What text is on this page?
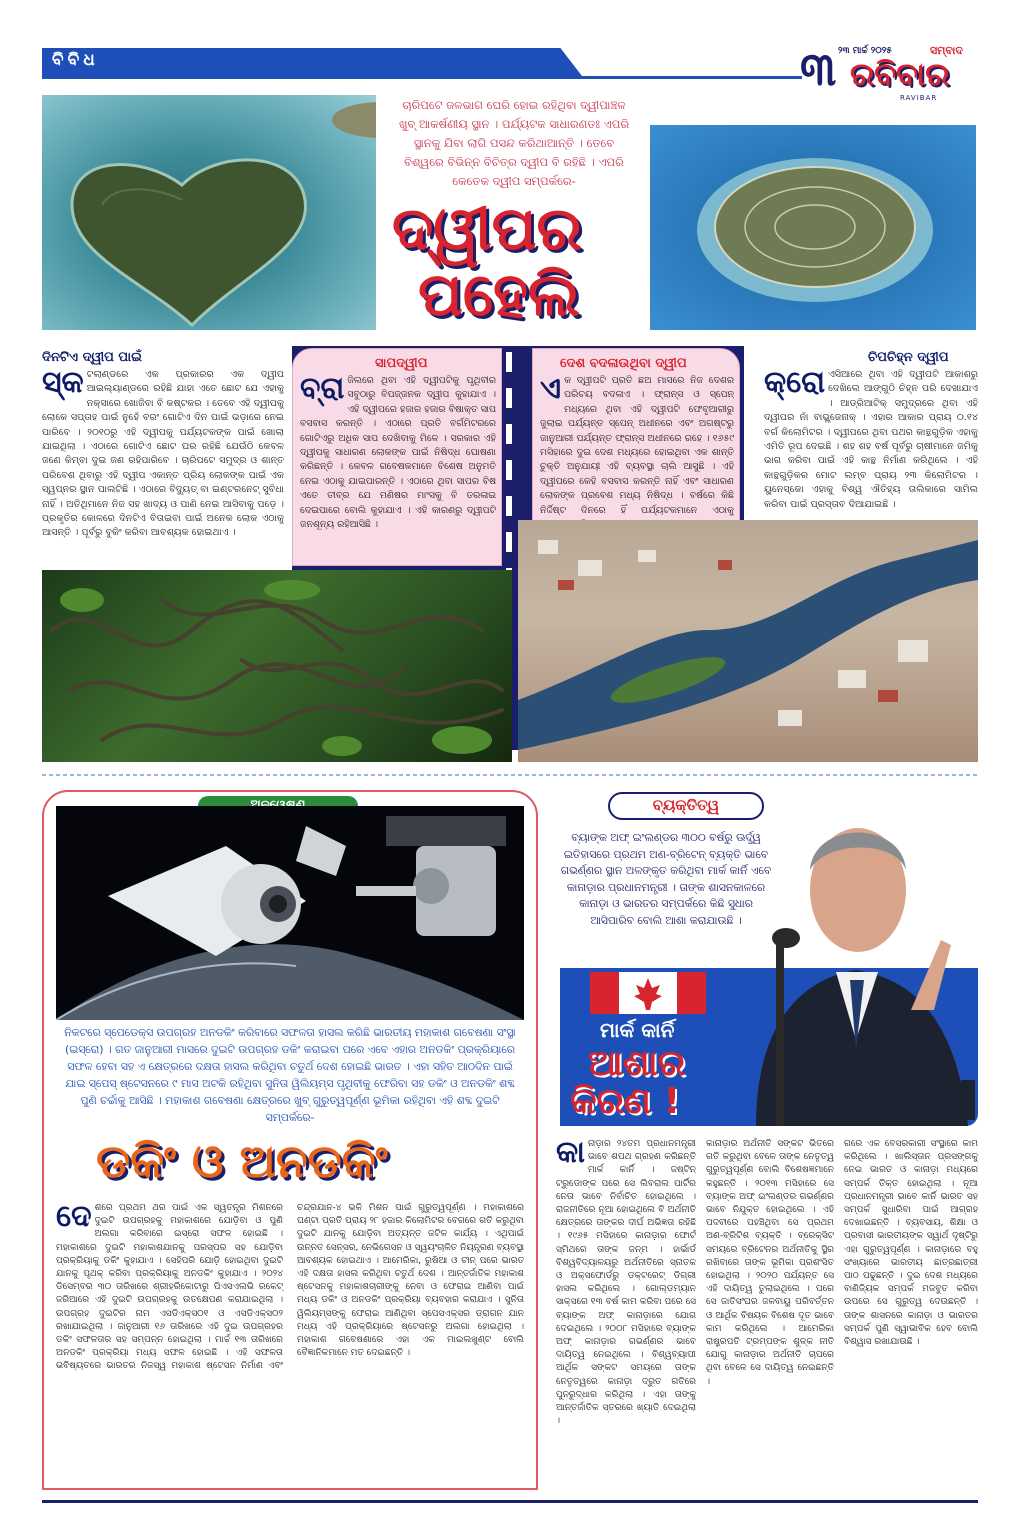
ବିବିଧ	୩ ୨୩ ମାର୍ଚ୍ଚ ୨୦୨୫	ସମ୍ବାଦ
ରବିବାର
RAVIBAR
ଚାରିପଟେ ଜଳଭାଗ ଘେରି ହୋଇ ରହିଥିବା ଦ୍ୱୀପାଞ୍ଚଳ ଖୁବ୍ ଆକର୍ଷଣୀୟ ସ୍ଥାନ । ପର୍ଯ୍ୟଟକ ସାଧାରଣତଃ ଏପରି ସ୍ଥାନକୁ ଯିବା ଲାଗି ପସନ୍ଦ କରିଥାଆନ୍ତି । ତେବେ ବିଶ୍ୱରେ ବିଭିନ୍ନ ବିଚିତ୍ର ଦ୍ୱୀପ ବି ରହିଛି । ଏପରି କେତେକ ଦ୍ୱୀପ ସମ୍ପର୍କରେ-
ଦ୍ୱୀପର
ପହେଲି
ଦିନଟିଏ ଦ୍ୱୀପ ପାଇଁ
ସ୍କ ଟଲାଣ୍ଡରେ ଏକ ପ୍ରକାରର ଏକ ଦ୍ୱୀପ ଆଇଲ୍ୟାଣ୍ଡରେ ରହିଛି ଯାହା ଏତେ ଛୋଟ ଯେ ଏହାକୁ ନକ୍ସାରେ ଖୋଜିବା ବି କଷ୍ଟକର । ତେବେ ଏହି ଦ୍ୱୀପକୁ ଲୋକେ ସପ୍ତାହ ପାଇଁ ନୁହେଁ ବରଂ ଗୋଟିଏ ଦିନ ପାଇଁ ଭଡ଼ାରେ ନେଇ ପାରିବେ । ୨୦୧ଠରୁ ଏହି ଦ୍ୱୀପକୁ ପର୍ଯ୍ୟଟକଙ୍କ ପାଇଁ ଖୋଲା ଯାଇଥିଲା । ଏଠାରେ ଗୋଟିଏ ଛୋଟ ଘର ରହିଛି ଯେଉଁଠି କେବଳ ଜଣେ କିମ୍ବା ଦୁଇ ଜଣ ରହିପାରିବେ । ଚାରିପଟେ ସମୁଦ୍ର ଓ ଶାନ୍ତ ପରିବେଶ ଥିବାରୁ ଏହି ଦ୍ୱୀପ ଏକାନ୍ତ ପ୍ରିୟ ଲୋକଙ୍କ ପାଇଁ ଏକ ସ୍ୱପ୍ନର ସ୍ଥାନ ପାଲଟିଛି । ଏଠାରେ ବିଦ୍ୟୁତ୍ ବା ଇଣ୍ଟରନେଟ୍ ସୁବିଧା ନାହିଁ । ଅତିଥିମାନେ ନିଜ ସହ ଖାଦ୍ୟ ଓ ପାଣି ନେଇ ଆସିବାକୁ ପଡ଼େ । ପ୍ରକୃତିର କୋଳରେ ଦିନଟିଏ ବିତାଇବା ପାଇଁ ଅନେକ ଲୋକ ଏଠାକୁ ଆସନ୍ତି । ପୂର୍ବରୁ ବୁକିଂ କରିବା ଆବଶ୍ୟକ ହୋଇଥାଏ ।
ସାପଦ୍ୱୀପ
ବ୍ରା ଜିଲରେ ଥିବା ଏହି ଦ୍ୱୀପଟିକୁ ପୃଥିବୀର ସବୁଠାରୁ ବିପଜ୍ଜନକ ଦ୍ୱୀପ କୁହାଯାଏ । ଏହି ଦ୍ୱୀପରେ ହଜାର ହଜାର ବିଷାକ୍ତ ସାପ ବସବାସ କରନ୍ତି । ଏଠାରେ ପ୍ରତି ବର୍ଗମିଟରରେ ଗୋଟିଏରୁ ଅଧିକ ସାପ ଦେଖିବାକୁ ମିଳେ । ସରକାର ଏହି ଦ୍ୱୀପକୁ ସାଧାରଣ ଲୋକଙ୍କ ପାଇଁ ନିଷିଦ୍ଧ ଘୋଷଣା କରିଛନ୍ତି । କେବଳ ଗବେଷକମାନେ ବିଶେଷ ଅନୁମତି ନେଇ ଏଠାକୁ ଯାଇପାରନ୍ତି । ଏଠାରେ ଥିବା ସାପର ବିଷ ଏତେ ତୀବ୍ର ଯେ ମଣିଷର ମାଂସକୁ ବି ତରଳାଇ ଦେଇପାରେ ବୋଲି କୁହାଯାଏ । ଏହି କାରଣରୁ ଦ୍ୱୀପଟି ଜନଶୂନ୍ୟ ରହିଆସିଛି ।
ଦେଶ ବଦଳାଉଥିବା ଦ୍ୱୀପ
ଏକ ଦ୍ୱୀପଟି ପ୍ରତି ଛଅ ମାସରେ ନିଜ ଦେଶର ପରିଚୟ ବଦଳାଏ । ଫ୍ରାନ୍ସ ଓ ସ୍ପେନ୍ ମଧ୍ୟରେ ଥିବା ଏହି ଦ୍ୱୀପଟି ଫେବୃଆରୀରୁ ଜୁଲାଇ ପର୍ଯ୍ୟନ୍ତ ସ୍ପେନ୍ ଅଧୀନରେ ଏବଂ ଅଗଷ୍ଟରୁ ଜାନୁଆରୀ ପର୍ଯ୍ୟନ୍ତ ଫ୍ରାନ୍ସ ଅଧୀନରେ ରହେ । ୧୬୫୯ ମସିହାରେ ଦୁଇ ଦେଶ ମଧ୍ୟରେ ହୋଇଥିବା ଏକ ଶାନ୍ତି ଚୁକ୍ତି ଅନୁଯାୟୀ ଏହି ବ୍ୟବସ୍ଥା ଚାଲି ଆସୁଛି । ଏହି ଦ୍ୱୀପରେ କେହି ବସବାସ କରନ୍ତି ନାହିଁ ଏବଂ ସାଧାରଣ ଲୋକଙ୍କ ପ୍ରବେଶ ମଧ୍ୟ ନିଷିଦ୍ଧ । ବର୍ଷରେ କିଛି ନିର୍ଦ୍ଦିଷ୍ଟ ଦିନରେ ହିଁ ପର୍ଯ୍ୟଟକମାନେ ଏଠାକୁ
ଚିପଚିହ୍ନ ଦ୍ୱୀପ
କ୍ରୋ ଏସିଆରେ ଥିବା ଏହି ଦ୍ୱୀପଟି ଆକାଶରୁ ଦେଖିଲେ ଆଙ୍ଗୁଠି ଚିହ୍ନ ପରି ଦେଖାଯାଏ । ଆଡ୍ରିଆଟିକ୍ ସମୁଦ୍ରରେ ଥିବା ଏହି ଦ୍ୱୀପର ନାଁ ବାଭ୍ଲ୍ଜେନାକ୍ । ଏହାର ଆକାର ପ୍ରାୟ ୦.୧୪ ବର୍ଗ କିଲୋମିଟର । ଦ୍ୱୀପରେ ଥିବା ପଥର କାନ୍ଥଗୁଡ଼ିକ ଏହାକୁ ଏମିତି ରୂପ ଦେଇଛି । ଶହ ଶହ ବର୍ଷ ପୂର୍ବରୁ ଚାଷୀମାନେ ଜମିକୁ ଭାଗ କରିବା ପାଇଁ ଏହି କାନ୍ଥ ନିର୍ମାଣ କରିଥିଲେ । ଏହି କାନ୍ଥଗୁଡ଼ିକର ମୋଟ ଲମ୍ବ ପ୍ରାୟ ୨୩ କିଲୋମିଟର । ୟୁନେସ୍କୋ ଏହାକୁ ବିଶ୍ୱ ଐତିହ୍ୟ ତାଲିକାରେ ସାମିଲ କରିବା ପାଇଁ ପ୍ରସ୍ତାବ ଦିଆଯାଇଛି ।
ନିକଟରେ ସ୍ପେଡେକ୍ସ ଉପଗ୍ରହ ଅନଡକିଂ କରିବାରେ ସଫଳତା ହାସଲ କରିଛି ଭାରତୀୟ ମହାକାଶ ଗବେଷଣା ସଂସ୍ଥା (ଇସ୍ରୋ) । ଗତ ଜାନୁଆରୀ ମାସରେ ଦୁଇଟି ଉପଗ୍ରହ ଡକିଂ କରାଇବା ପରେ ଏବେ ଏହାର ଅନଡକିଂ ପ୍ରକ୍ରିୟାରେ ସଫଳ ହେବା ସହ ଏ କ୍ଷେତ୍ରରେ ଦକ୍ଷତା ହାସଲ କରିଥିବା ଚତୁର୍ଥ ଦେଶ ହୋଇଛି ଭାରତ । ଏହା ସହିତ ଆଠଦିନ ପାଇଁ ଯାଇ ସ୍ପେସ୍ ଷ୍ଟେସନରେ ୯ ମାସ ଅଟକି ରହିଥିବା ସୁନିତା ୱିଲିୟମ୍ସ ପୃଥିବୀକୁ ଫେରିବା ସହ ଡକିଂ ଓ ଅନଡକିଂ ଶବ୍ଦ ପୁଣି ଚର୍ଚ୍ଚାକୁ ଆସିଛି । ମହାକାଶ ଗବେଷଣା କ୍ଷେତ୍ରରେ ଖୁବ୍ ଗୁରୁତ୍ୱପୂର୍ଣ୍ଣ ଭୂମିକା ରହିଥିବା ଏହି ଶବ୍ଦ ଦୁଇଟି ସମ୍ପର୍କରେ-
ଡକିଂ ଓ ଅନଡକିଂ
ଦେଶରେ ପ୍ରଥମ ଥର ପାଇଁ ଏକ ସ୍ୱତନ୍ତ୍ର ମିଶନରେ ଦୁଇଟି ଉପଗ୍ରହକୁ ମହାକାଶରେ ଯୋଡ଼ିବା ଓ ପୁଣି ଅଲଗା କରିବାରେ ଇସ୍ରୋ ସଫଳ ହୋଇଛି । ମହାକାଶରେ ଦୁଇଟି ମହାକାଶଯାନକୁ ପରସ୍ପର ସହ ଯୋଡ଼ିବା ପ୍ରକ୍ରିୟାକୁ ଡକିଂ କୁହାଯାଏ । ସେହିପରି ଯୋଡ଼ି ହୋଇଥିବା ଦୁଇଟି ଯାନକୁ ପୃଥକ୍ କରିବା ପ୍ରକ୍ରିୟାକୁ ଅନଡକିଂ କୁହାଯାଏ । ୨୦୨୪ ଡିସେମ୍ବର ୩୦ ତାରିଖରେ ଶ୍ରୀହରିକୋଟାରୁ ପିଏସଏଲଭି ରକେଟ୍ ଜରିଆରେ ଏହି ଦୁଇଟି ଉପଗ୍ରହକୁ ଉତକ୍ଷେପଣ କରାଯାଇଥିଲା । ଉପଗ୍ରହ ଦୁଇଟିର ନାମ ଏସଡିଏକ୍ସ୦୧ ଓ ଏସଡିଏକ୍ସ୦୨ ରଖାଯାଇଥିଲା । ଜାନୁଆରୀ ୧୬ ତାରିଖରେ ଏହି ଦୁଇ ଉପଗ୍ରହର ଡକିଂ ସଫଳତାର ସହ ସମ୍ପନ୍ନ ହୋଇଥିଲା । ମାର୍ଚ୍ଚ ୧୩ ତାରିଖରେ ଅନଡକିଂ ପ୍ରକ୍ରିୟା ମଧ୍ୟ ସଫଳ ହୋଇଛି । ଏହି ସଫଳତା ଭବିଷ୍ୟତରେ ଭାରତର ନିଜସ୍ୱ ମହାକାଶ ଷ୍ଟେସନ ନିର୍ମାଣ ଏବଂ ଚନ୍ଦ୍ରଯାନ-୪ ଭଳି ମିଶନ ପାଇଁ ଗୁରୁତ୍ୱପୂର୍ଣ୍ଣ । ମହାକାଶରେ ଘଣ୍ଟା ପ୍ରତି ପ୍ରାୟ ୨୮ ହଜାର କିଲୋମିଟର ବେଗରେ ଗତି କରୁଥିବା ଦୁଇଟି ଯାନକୁ ଯୋଡ଼ିବା ଅତ୍ୟନ୍ତ ଜଟିଳ କାର୍ଯ୍ୟ । ଏଥିପାଇଁ ଉନ୍ନତ ସେନ୍ସର, ନେଭିଗେସନ ଓ ସ୍ୱୟଂଚାଳିତ ନିୟନ୍ତ୍ରଣ ବ୍ୟବସ୍ଥା ଆବଶ୍ୟକ ହୋଇଥାଏ । ଆମେରିକା, ରୁଷିଆ ଓ ଚୀନ୍ ପରେ ଭାରତ ଏହି ଦକ୍ଷତା ହାସଲ କରିଥିବା ଚତୁର୍ଥ ଦେଶ । ଆନ୍ତର୍ଜାତିକ ମହାକାଶ ଷ୍ଟେସନକୁ ମହାକାଶଚାରୀଙ୍କୁ ନେବା ଓ ଫେରାଇ ଆଣିବା ପାଇଁ ମଧ୍ୟ ଡକିଂ ଓ ଅନଡକିଂ ପ୍ରକ୍ରିୟା ବ୍ୟବହାର କରାଯାଏ । ସୁନିତା ୱିଲିୟମ୍ସଙ୍କୁ ଫେରାଇ ଆଣିଥିବା ସ୍ପେସଏକ୍ସର ଡ୍ରାଗନ ଯାନ ମଧ୍ୟ ଏହି ପ୍ରକ୍ରିୟାରେ ଷ୍ଟେସନରୁ ଅଲଗା ହୋଇଥିଲା । ମହାକାଶ ଗବେଷଣାରେ ଏହା ଏକ ମାଇଲଖୁଣ୍ଟ ବୋଲି ବୈଜ୍ଞାନିକମାନେ ମତ ଦେଇଛନ୍ତି ।
ବ୍ୟକ୍ତିତ୍ୱ
ବ୍ୟାଙ୍କ ଅଫ୍ ଇଂଲଣ୍ଡର ୩୦୦ ବର୍ଷରୁ ଊର୍ଦ୍ଧ୍ୱ ଇତିହାସରେ ପ୍ରଥମ ଅଣ-ବ୍ରିଟେନ୍ ବ୍ୟକ୍ତି ଭାବେ ଗଭର୍ଣ୍ଣର ସ୍ଥାନ ଅଳଙ୍କୃତ କରିଥିବା ମାର୍କ କାର୍ନି ଏବେ କାନାଡ଼ାର ପ୍ରଧାନମନ୍ତ୍ରୀ । ତାଙ୍କ ଶାସନକାଳରେ କାନାଡ଼ା ଓ ଭାରତର ସମ୍ପର୍କରେ କିଛି ସୁଧାର ଆସିପାରିବ ବୋଲି ଆଶା କରାଯାଉଛି ।
ମାର୍କ କାର୍ନି
ଆଶାର
କିରଣ !
କାନାଡ଼ାର ୨୪ତମ ପ୍ରଧାନମନ୍ତ୍ରୀ ଭାବେ ଶପଥ ଗ୍ରହଣ କରିଛନ୍ତି ମାର୍କ କାର୍ନି । ଜଷ୍ଟିନ୍ ଟ୍ରୁଡୋଙ୍କ ପରେ ସେ ଲିବରାଲ ପାର୍ଟିର ନେତା ଭାବେ ନିର୍ବାଚିତ ହୋଇଥିଲେ । ରାଜନୀତିରେ ନୂଆ ହୋଇଥିଲେ ବି ଅର୍ଥନୀତି କ୍ଷେତ୍ରରେ ତାଙ୍କର ଦୀର୍ଘ ଅଭିଜ୍ଞତା ରହିଛି । ୧୯୬୫ ମସିହାରେ କାନାଡ଼ାର ଫୋର୍ଟ ସ୍ମିଥରେ ତାଙ୍କ ଜନ୍ମ । ହାର୍ଭାର୍ଡ ବିଶ୍ୱବିଦ୍ୟାଳୟରୁ ଅର୍ଥନୀତିରେ ସ୍ନାତକ ଓ ଅକ୍ସଫୋର୍ଡରୁ ଡକ୍ଟରେଟ୍ ଡିଗ୍ରୀ ହାସଲ କରିଥିଲେ । ଗୋଲ୍ଡମ୍ୟାନ ସାକ୍ସରେ ୧୩ ବର୍ଷ କାମ କରିବା ପରେ ସେ ବ୍ୟାଙ୍କ ଅଫ୍ କାନାଡ଼ାରେ ଯୋଗ ଦେଇଥିଲେ । ୨୦୦୮ ମସିହାରେ ବ୍ୟାଙ୍କ ଅଫ୍ କାନାଡ଼ାର ଗଭର୍ଣ୍ଣର ଭାବେ ଦାୟିତ୍ୱ ନେଇଥିଲେ । ବିଶ୍ୱବ୍ୟାପୀ ଆର୍ଥିକ ସଙ୍କଟ ସମୟରେ ତାଙ୍କ ନେତୃତ୍ୱରେ କାନାଡ଼ା ଦ୍ରୁତ ଗତିରେ ପୁନରୁଦ୍ଧାର କରିଥିଲା । ଏହା ତାଙ୍କୁ ଆନ୍ତର୍ଜାତିକ ସ୍ତରରେ ଖ୍ୟାତି ଦେଇଥିଲା ।
କାନାଡ଼ାର ଅର୍ଥନୀତି ସଙ୍କଟ ଭିତରେ ଗତି କରୁଥିବା ବେଳେ ତାଙ୍କ ନେତୃତ୍ୱ ଗୁରୁତ୍ୱପୂର୍ଣ୍ଣ ବୋଲି ବିଶେଷଜ୍ଞମାନେ କହୁଛନ୍ତି । ୨୦୧୩ ମସିହାରେ ସେ ବ୍ୟାଙ୍କ ଅଫ୍ ଇଂଲଣ୍ଡର ଗଭର୍ଣ୍ଣର ଭାବେ ନିଯୁକ୍ତ ହୋଇଥିଲେ । ଏହି ପଦବୀରେ ପହଞ୍ଚିଥିବା ସେ ପ୍ରଥମ ଅଣ-ବ୍ରିଟିଶ ବ୍ୟକ୍ତି । ବ୍ରେକ୍ସିଟ ସମୟରେ ବ୍ରିଟେନର ଅର୍ଥନୀତିକୁ ସ୍ଥିର ରଖିବାରେ ତାଙ୍କ ଭୂମିକା ପ୍ରଶଂସିତ ହୋଇଥିଲା । ୨୦୨୦ ପର୍ଯ୍ୟନ୍ତ ସେ ଏହି ଦାୟିତ୍ୱ ତୁଲାଇଥିଲେ । ପରେ ସେ ଜାତିସଂଘର ଜଳବାୟୁ ପରିବର୍ତ୍ତନ ଓ ଆର୍ଥିକ ବିଷୟକ ବିଶେଷ ଦୂତ ଭାବେ କାମ କରିଥିଲେ । ଆମେରିକା ରାଷ୍ଟ୍ରପତି ଟ୍ରମ୍ପଙ୍କ ଶୁଳ୍କ ନୀତି ଯୋଗୁ କାନାଡ଼ାର ଅର୍ଥନୀତି ଚାପରେ ଥିବା ବେଳେ ସେ ଦାୟିତ୍ୱ ନେଇଛନ୍ତି ।
ଗରେ ଏକ ବେସରକାରୀ ସଂସ୍ଥାରେ କାମ କରିଥିଲେ । ଖାଲିସ୍ତାନ ପ୍ରସଙ୍ଗକୁ ନେଇ ଭାରତ ଓ କାନାଡ଼ା ମଧ୍ୟରେ ସମ୍ପର୍କ ତିକ୍ତ ହୋଇଥିଲା । ନୂଆ ପ୍ରଧାନମନ୍ତ୍ରୀ ଭାବେ କାର୍ନି ଭାରତ ସହ ସମ୍ପର୍କ ସୁଧାରିବା ପାଇଁ ଆଗ୍ରହ ଦେଖାଇଛନ୍ତି । ବ୍ୟବସାୟ, ଶିକ୍ଷା ଓ ପ୍ରବାସୀ ଭାରତୀୟଙ୍କ ସ୍ୱାର୍ଥ ଦୃଷ୍ଟିରୁ ଏହା ଗୁରୁତ୍ୱପୂର୍ଣ୍ଣ । କାନାଡ଼ାରେ ବହୁ ସଂଖ୍ୟାରେ ଭାରତୀୟ ଛାତ୍ରଛାତ୍ରୀ ପାଠ ପଢୁଛନ୍ତି । ଦୁଇ ଦେଶ ମଧ୍ୟରେ ବାଣିଜ୍ୟିକ ସମ୍ପର୍କ ମଜବୁତ କରିବା ଉପରେ ସେ ଗୁରୁତ୍ୱ ଦେଉଛନ୍ତି । ତାଙ୍କ ଶାସନରେ କାନାଡ଼ା ଓ ଭାରତର ସମ୍ପର୍କ ପୁଣି ସ୍ୱାଭାବିକ ହେବ ବୋଲି ବିଶ୍ୱାସ ରଖାଯାଉଛି ।
